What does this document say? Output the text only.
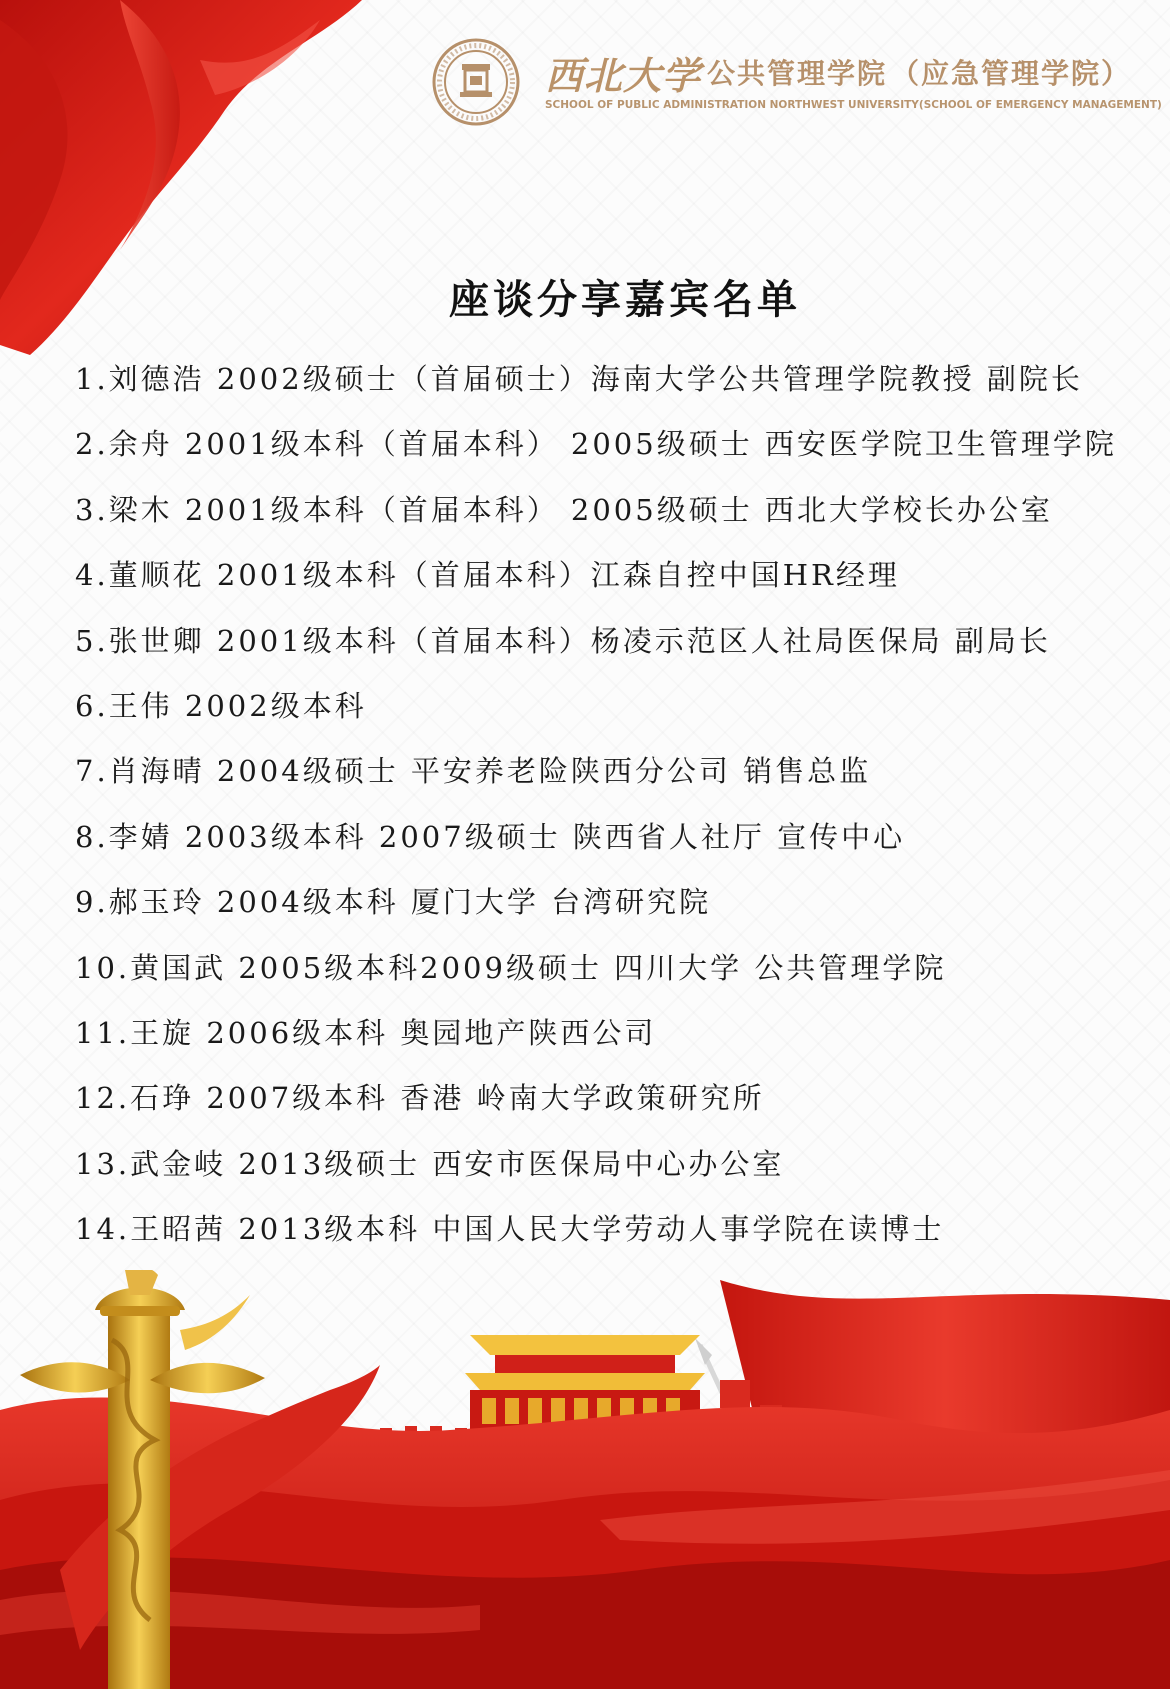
西北大学 公共管理学院 （应急管理学院）
SCHOOL OF PUBLIC ADMINISTRATION NORTHWEST UNIVERSITY (SCHOOL OF EMERGENCY MANAGEMENT)
座谈分享嘉宾名单
1.刘德浩 2002级硕士（首届硕士）海南大学公共管理学院教授 副院长
2.余舟 2001级本科（首届本科） 2005级硕士 西安医学院卫生管理学院
3.梁木 2001级本科（首届本科） 2005级硕士 西北大学校长办公室
4.董顺花 2001级本科（首届本科）江森自控中国HR经理
5.张世卿 2001级本科（首届本科）杨凌示范区人社局医保局 副局长
6.王伟 2002级本科
7.肖海晴 2004级硕士 平安养老险陕西分公司 销售总监
8.李婧 2003级本科 2007级硕士 陕西省人社厅 宣传中心
9.郝玉玲 2004级本科 厦门大学 台湾研究院
10.黄国武 2005级本科2009级硕士 四川大学 公共管理学院
11.王旋 2006级本科 奥园地产陕西公司
12.石琤 2007级本科 香港 岭南大学政策研究所
13.武金岐 2013级硕士 西安市医保局中心办公室
14.王昭茜 2013级本科 中国人民大学劳动人事学院在读博士
